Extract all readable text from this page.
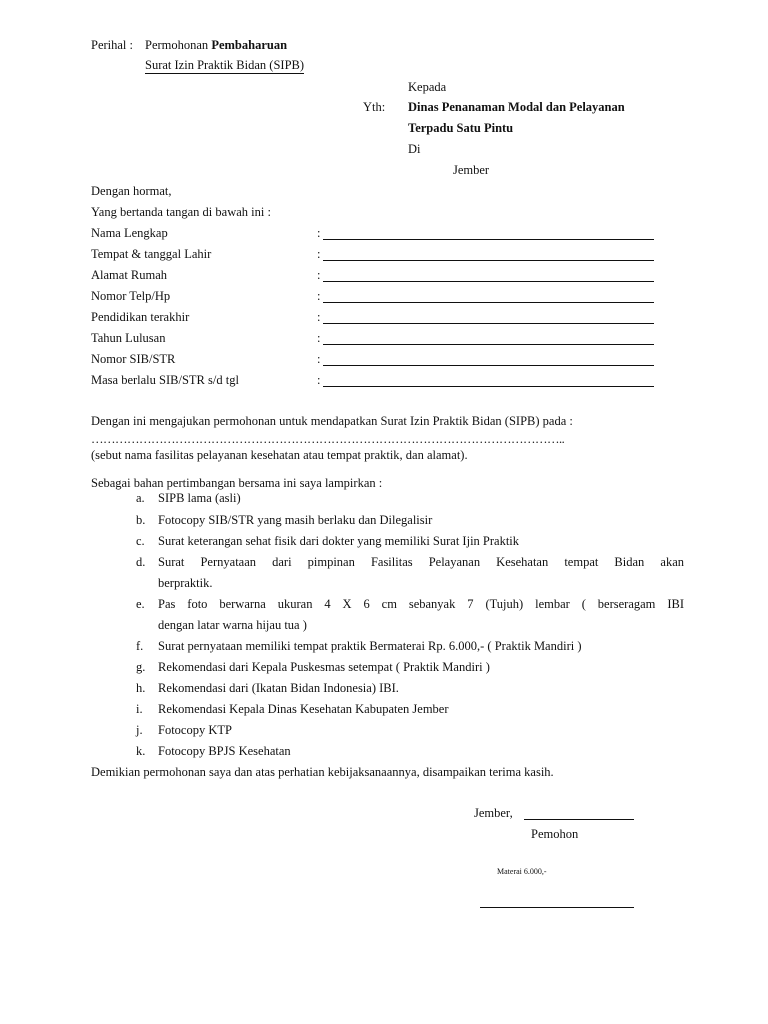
Perihal : Permohonan Pembaharuan
Surat Izin Praktik Bidan (SIPB)
Kepada
Yth: Dinas Penanaman Modal dan Pelayanan
Terpadu Satu Pintu
Di
Jember
Dengan hormat,
Yang bertanda tangan di bawah ini :
Nama Lengkap	:
Tempat & tanggal Lahir	:
Alamat Rumah	:
Nomor Telp/Hp	:
Pendidikan terakhir	:
Tahun Lulusan	:
Nomor SIB/STR	:
Masa berlalu SIB/STR s/d tgl	:
Dengan ini mengajukan permohonan untuk mendapatkan Surat Izin Praktik Bidan (SIPB) pada :
………………………………………………………………………………………………………..
(sebut nama fasilitas pelayanan kesehatan atau tempat praktik, dan alamat).
Sebagai bahan pertimbangan bersama ini saya lampirkan :
a. SIPB lama (asli)
b. Fotocopy SIB/STR yang masih berlaku dan Dilegalisir
c. Surat keterangan sehat fisik dari dokter yang memiliki Surat Ijin Praktik
d. Surat Pernyataan dari pimpinan Fasilitas Pelayanan Kesehatan tempat Bidan akan
berpraktik.
e. Pas foto berwarna ukuran 4 X 6 cm sebanyak 7 (Tujuh) lembar ( berseragam IBI
dengan latar warna hijau tua )
f. Surat pernyataan memiliki tempat praktik Bermaterai Rp. 6.000,- ( Praktik Mandiri )
g. Rekomendasi dari Kepala Puskesmas setempat ( Praktik Mandiri )
h. Rekomendasi dari (Ikatan Bidan Indonesia) IBI.
i. Rekomendasi Kepala Dinas Kesehatan Kabupaten Jember
j. Fotocopy KTP
k. Fotocopy BPJS Kesehatan
Demikian permohonan saya dan atas perhatian kebijaksanaannya, disampaikan terima kasih.
Jember,
Pemohon
Materai 6.000,-
